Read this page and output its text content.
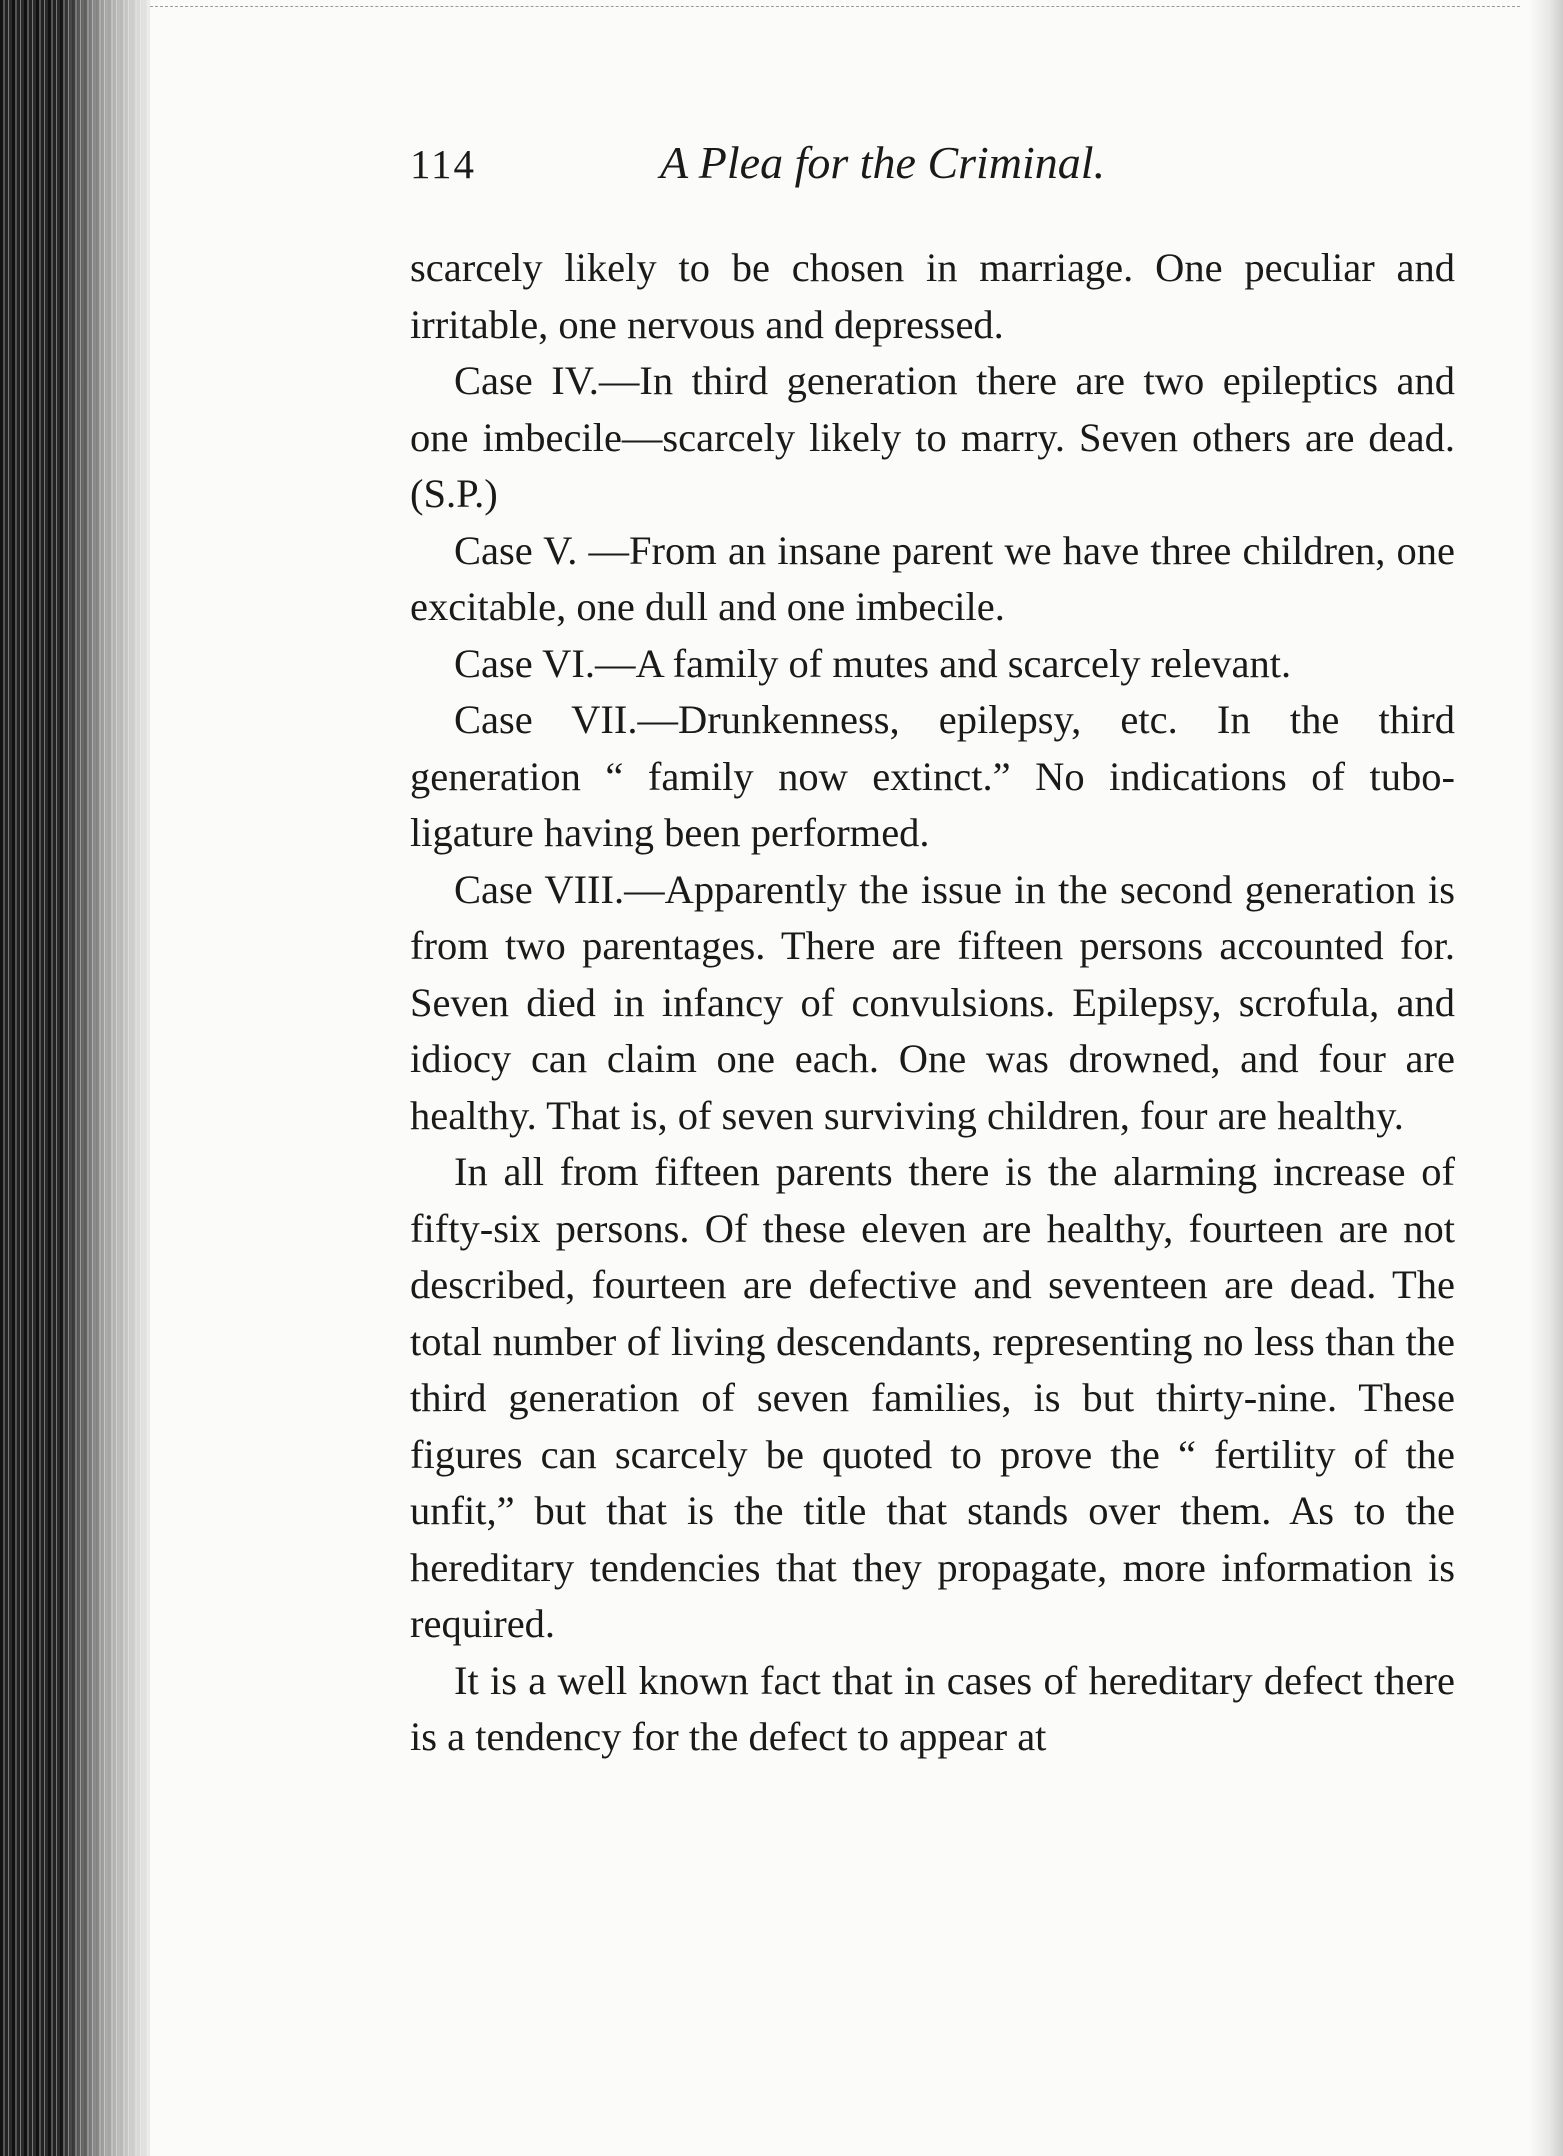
114	A Plea for the Criminal.

scarcely likely to be chosen in marriage. One peculiar and irritable, one nervous and depressed.

Case IV.—In third generation there are two epileptics and one imbecile—scarcely likely to marry. Seven others are dead. (S.P.)

Case V. —From an insane parent we have three children, one excitable, one dull and one imbecile.

Case VI.—A family of mutes and scarcely relevant.

Case VII.—Drunkenness, epilepsy, etc. In the third generation “ family now extinct.” No indications of tubo-ligature having been performed.

Case VIII.—Apparently the issue in the second generation is from two parentages. There are fifteen persons accounted for. Seven died in infancy of convulsions. Epilepsy, scrofula, and idiocy can claim one each. One was drowned, and four are healthy. That is, of seven surviving children, four are healthy.

In all from fifteen parents there is the alarming increase of fifty-six persons. Of these eleven are healthy, fourteen are not described, fourteen are defective and seventeen are dead. The total number of living descendants, representing no less than the third generation of seven families, is but thirty-nine. These figures can scarcely be quoted to prove the “ fertility of the unfit,” but that is the title that stands over them. As to the hereditary tendencies that they propagate, more information is required.

It is a well known fact that in cases of hereditary defect there is a tendency for the defect to appear at
